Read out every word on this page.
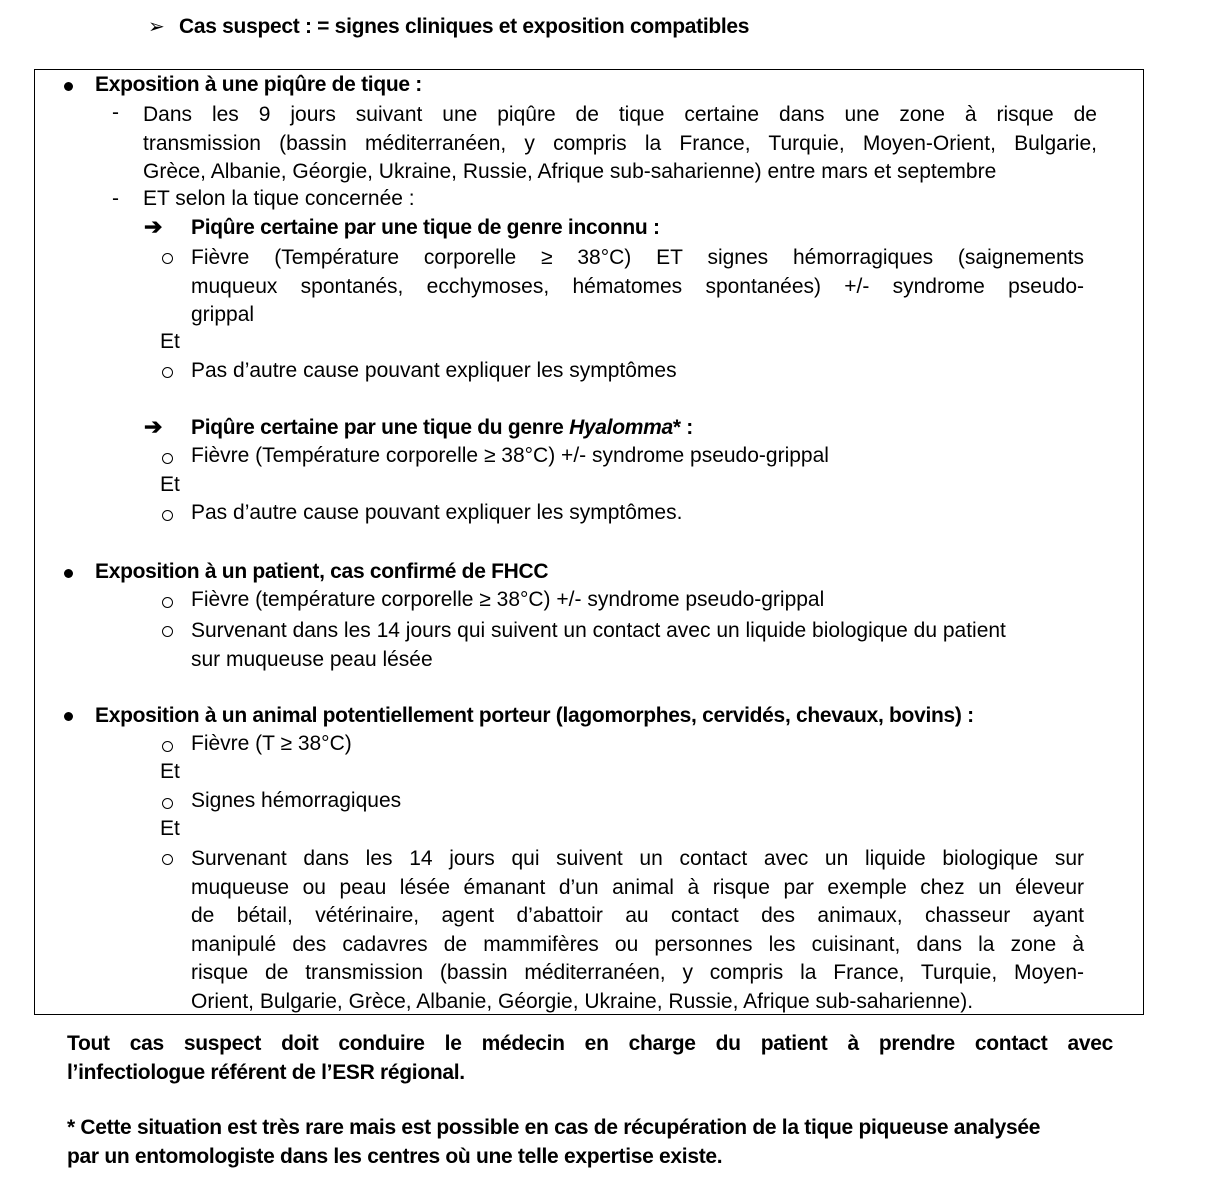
➢ Cas suspect : = signes cliniques et exposition compatibles
Exposition à une piqûre de tique :
- Dans les 9 jours suivant une piqûre de tique certaine dans une zone à risque de
transmission (bassin méditerranéen, y compris la France, Turquie, Moyen-Orient, Bulgarie,
Grèce, Albanie, Géorgie, Ukraine, Russie, Afrique sub-saharienne) entre mars et septembre
- ET selon la tique concernée :
➔ Piqûre certaine par une tique de genre inconnu :
Fièvre (Température corporelle ≥ 38°C) ET signes hémorragiques (saignements
muqueux spontanés, ecchymoses, hématomes spontanées) +/- syndrome pseudo-
grippal
Et
Pas d’autre cause pouvant expliquer les symptômes
➔ Piqûre certaine par une tique du genre Hyalomma* :
Fièvre (Température corporelle ≥ 38°C) +/- syndrome pseudo-grippal
Et
Pas d’autre cause pouvant expliquer les symptômes.
Exposition à un patient, cas confirmé de FHCC
Fièvre (température corporelle ≥ 38°C) +/- syndrome pseudo-grippal
Survenant dans les 14 jours qui suivent un contact avec un liquide biologique du patient
sur muqueuse peau lésée
Exposition à un animal potentiellement porteur (lagomorphes, cervidés, chevaux, bovins) :
Fièvre (T ≥ 38°C)
Et
Signes hémorragiques
Et
Survenant dans les 14 jours qui suivent un contact avec un liquide biologique sur
muqueuse ou peau lésée émanant d’un animal à risque par exemple chez un éleveur
de bétail, vétérinaire, agent d’abattoir au contact des animaux, chasseur ayant
manipulé des cadavres de mammifères ou personnes les cuisinant, dans la zone à
risque de transmission (bassin méditerranéen, y compris la France, Turquie, Moyen-
Orient, Bulgarie, Grèce, Albanie, Géorgie, Ukraine, Russie, Afrique sub-saharienne).
Tout cas suspect doit conduire le médecin en charge du patient à prendre contact avec
l’infectiologue référent de l’ESR régional.
* Cette situation est très rare mais est possible en cas de récupération de la tique piqueuse analysée
par un entomologiste dans les centres où une telle expertise existe.
